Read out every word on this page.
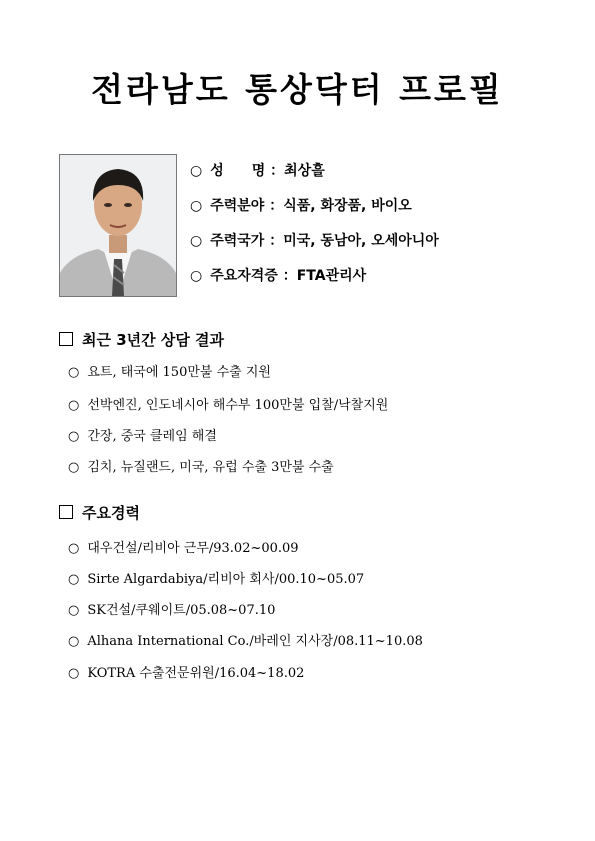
전라남도 통상닥터 프로필
○ 성　　명 ：최상흘
○ 주력분야 ：식품, 화장품, 바이오
○ 주력국가 ：미국, 동남아, 오세아니아
○ 주요자격증 ：FTA관리사
최근 3년간 상담 결과
○ 요트, 태국에 150만불 수출 지원
○ 선박엔진, 인도네시아 해수부 100만불 입찰/낙찰지원
○ 간장, 중국 클레임 해결
○ 김치, 뉴질랜드, 미국, 유럽 수출 3만불 수출
주요경력
○ 대우건설/리비아 근무/93.02~00.09
○ Sirte Algardabiya/리비아 회사/00.10~05.07
○ SK건설/쿠웨이트/05.08~07.10
○ Alhana International Co./바레인 지사장/08.11~10.08
○ KOTRA 수출전문위원/16.04~18.02
